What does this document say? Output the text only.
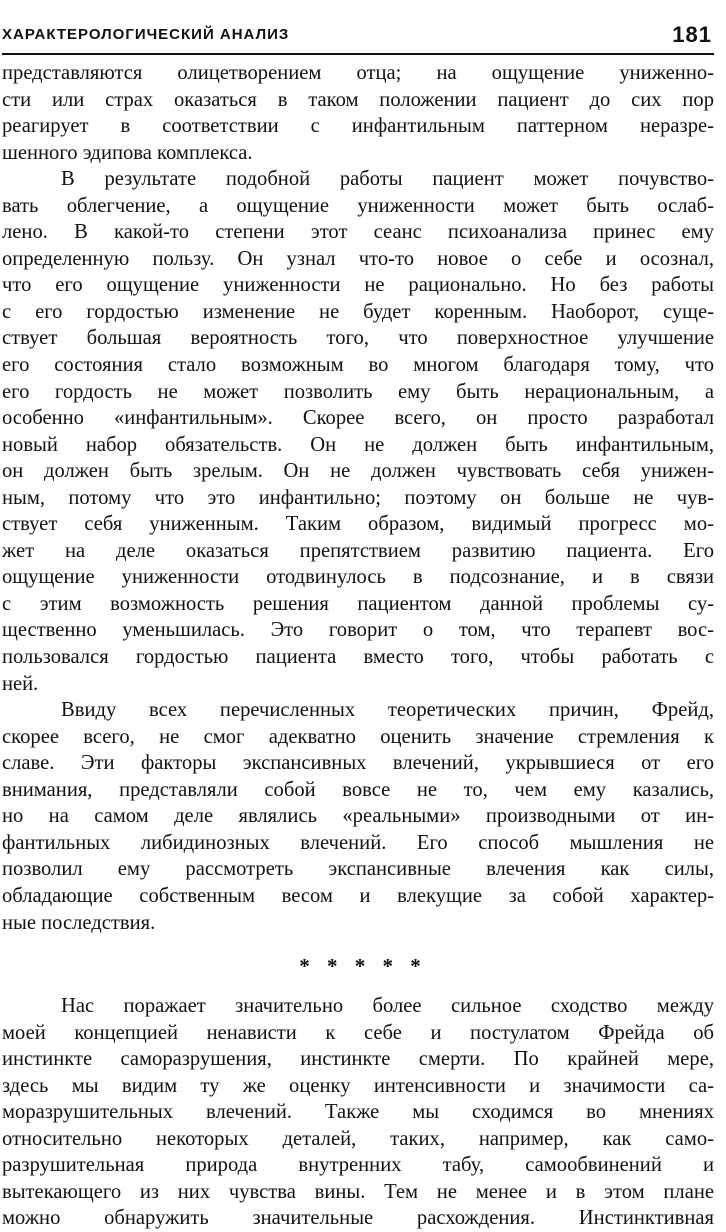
ХАРАКТЕРОЛОГИЧЕСКИЙ АНАЛИЗ	181
представляются олицетворением отца; на ощущение униженно-
сти или страх оказаться в таком положении пациент до сих пор
реагирует в соответствии с инфантильным паттерном неразре-
шенного эдипова комплекса.
В результате подобной работы пациент может почувство-
вать облегчение, а ощущение униженности может быть ослаб-
лено. В какой-то степени этот сеанс психоанализа принес ему
определенную пользу. Он узнал что-то новое о себе и осознал,
что его ощущение униженности не рационально. Но без работы
с его гордостью изменение не будет коренным. Наоборот, суще-
ствует большая вероятность того, что поверхностное улучшение
его состояния стало возможным во многом благодаря тому, что
его гордость не может позволить ему быть нерациональным, а
особенно «инфантильным». Скорее всего, он просто разработал
новый набор обязательств. Он не должен быть инфантильным,
он должен быть зрелым. Он не должен чувствовать себя унижен-
ным, потому что это инфантильно; поэтому он больше не чув-
ствует себя униженным. Таким образом, видимый прогресс мо-
жет на деле оказаться препятствием развитию пациента. Его
ощущение униженности отодвинулось в подсознание, и в связи
с этим возможность решения пациентом данной проблемы су-
щественно уменьшилась. Это говорит о том, что терапевт вос-
пользовался гордостью пациента вместо того, чтобы работать с
ней.
Ввиду всех перечисленных теоретических причин, Фрейд,
скорее всего, не смог адекватно оценить значение стремления к
славе. Эти факторы экспансивных влечений, укрывшиеся от его
внимания, представляли собой вовсе не то, чем ему казались,
но на самом деле являлись «реальными» производными от ин-
фантильных либидинозных влечений. Его способ мышления не
позволил ему рассмотреть экспансивные влечения как силы,
обладающие собственным весом и влекущие за собой характер-
ные последствия.
* * * * *
Нас поражает значительно более сильное сходство между
моей концепцией ненависти к себе и постулатом Фрейда об
инстинкте саморазрушения, инстинкте смерти. По крайней мере,
здесь мы видим ту же оценку интенсивности и значимости са-
моразрушительных влечений. Также мы сходимся во мнениях
относительно некоторых деталей, таких, например, как само-
разрушительная природа внутренних табу, самообвинений и
вытекающего из них чувства вины. Тем не менее и в этом плане
можно обнаружить значительные расхождения. Инстинктивная
